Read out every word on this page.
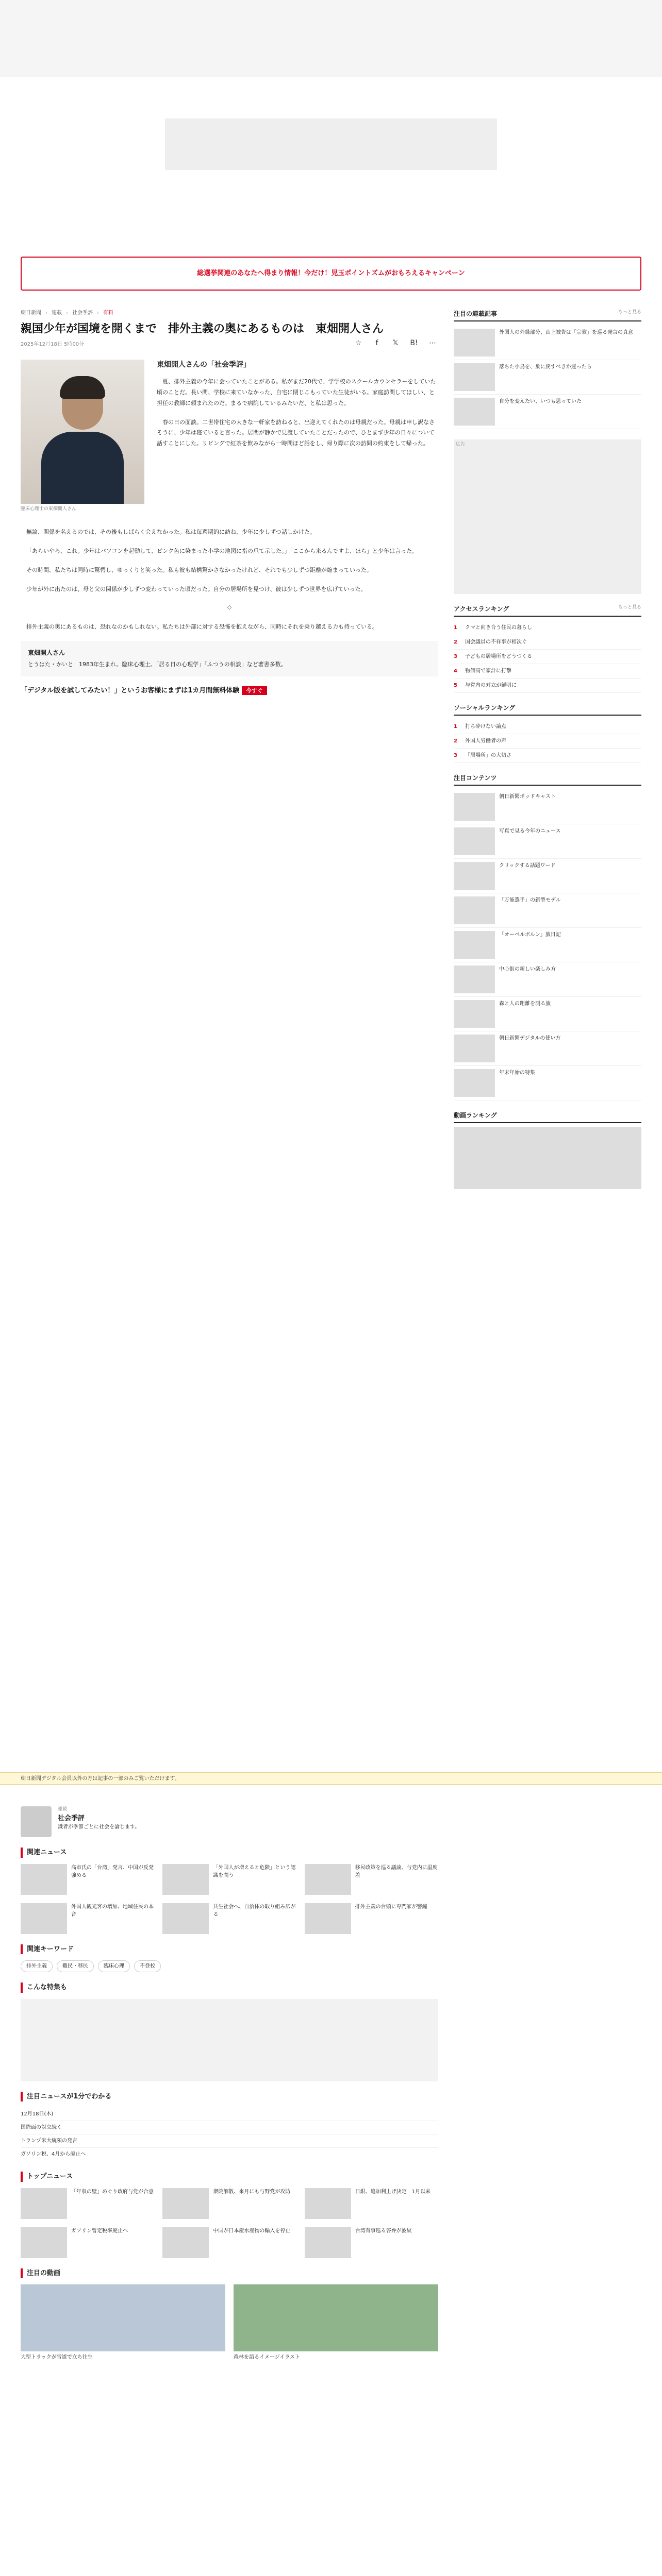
総選挙関連のあなたへ得まり情報！今だけ！児玉ポイントズムがおもろえるキャンペーン
朝日新聞 › 連載 › 社会季評 › 有料
親国少年が国境を開くまで　排外主義の奥にあるものは　東畑開人さん
2025年12月18日 5時00分	☆	f	𝕏	B! ⋯
臨床心理士の東畑開人さん
東畑開人さんの「社会季評」

夏、排外主義の今年に会っていたことがある。私がまだ20代で、学学校のスクールカウンセラーをしていた頃のことだ。長い間、学校に来ていなかった、自宅に閉じこもっていた生徒がいる。家庭訪問してほしい、と担任の教師に頼まれたのだ。まるで病院しているみたいだ、と私は思った。

春の日の面談。二世帯住宅の大きな一軒家を訪ねると、出迎えてくれたのは母親だった。母親は申し訳なさそうに、少年は寝ていると言った。居間が静かで見渡していたことだったので、ひとまず少年の日々について話すことにした。リビングで紅茶を飲みながら一時間ほど話をし、帰り際に次の訪問の約束をして帰った。

無論、関係を名えるのでは、その後もしばらく会えなかった。私は毎週期的に訪ね、少年に少しずつ話しかけた。

「あらいやろ、これ。少年はパソコンを起動して、ピンク色に染まった小学の地図に指の爪て示した。」「ここから来るんですよ、ほら」と少年は言った。

その時間、私たちは同時に驚愕し、ゆっくりと笑った。私も彼も結構驚かさなかったけれど、それでも少しずつ距離が縮まっていった。

少年が外に出たのは、母と父の関係が少しずつ変わっていった頃だった。自分の居場所を見つけ、彼は少しずつ世界を広げていった。

◇

排外主義の奥にあるものは、恐れなのかもしれない。私たちは外部に対する恐怖を抱えながら、同時にそれを乗り越える力も持っている。

東畑開人さん
とうはた・かいと　1983年生まれ。臨床心理士。「居る日の心理学」「ふつうの相談」など著書多数。
「デジタル版を試してみたい！」というお客様にまずは1カ月間無料体験 今すぐ
朝日新聞デジタル会員以外の方は記事の一部のみご覧いただけます。
連載
社会季評
識者が季節ごとに社会を論じます。
関連ニュース
高市氏の「台湾」発言、中国が反発強める
「外国人が増えると危険」という認識を問う
移民政策を巡る議論、与党内に温度差
外国人観光客の増加、地域住民の本音
共生社会へ、自治体の取り組み広がる
排外主義の台頭に専門家が警鐘
関連キーワード
排外主義	難民・移民	臨床心理	不登校
こんな特集も
注目ニュースが1分でわかる
12月18日(木)
国際面の対立続く
トランプ米大統領の発言
ガソリン税、4月から廃止へ
トップニュース
「年収の壁」めぐり政府与党が合意	衆院解散、来月にも与野党が攻防	日銀、追加利上げ決定　1月以来
ガソリン暫定税率廃止へ	中国が日本産水産物の輸入を停止	台湾有事巡る答弁が波紋
注目の動画
大型トラックが雪道で立ち往生	森林を語るイメージイラスト
注目の連載記事	もっと見る
外国人の外縁部分、山上被告は「宗教」を巡る発言の真意
落ちた小鳥を、巣に戻すべきか迷ったら
自分を変えたい、いつも思っていた
広告
アクセスランキング	もっと見る
1	クマと向き合う住民の暮らし
2	国会議員の不祥事が相次ぐ
3	子どもの居場所をどうつくる
4	物価高で家計に打撃
5	与党内の対立が鮮明に
ソーシャルランキング
1	打ち砕けない論点
2	外国人労働者の声
3	「居場所」の大切さ
注目コンテンツ
朝日新聞ポッドキャスト
写真で見る今年のニュース
クリックする話題ワード
「万能選手」の新型モデル
「オーベルボルン」旅日記
中心街の新しい楽しみ方
森と人の距離を測る旅
朝日新聞デジタルの使い方
年末年始の特集
動画ランキング
